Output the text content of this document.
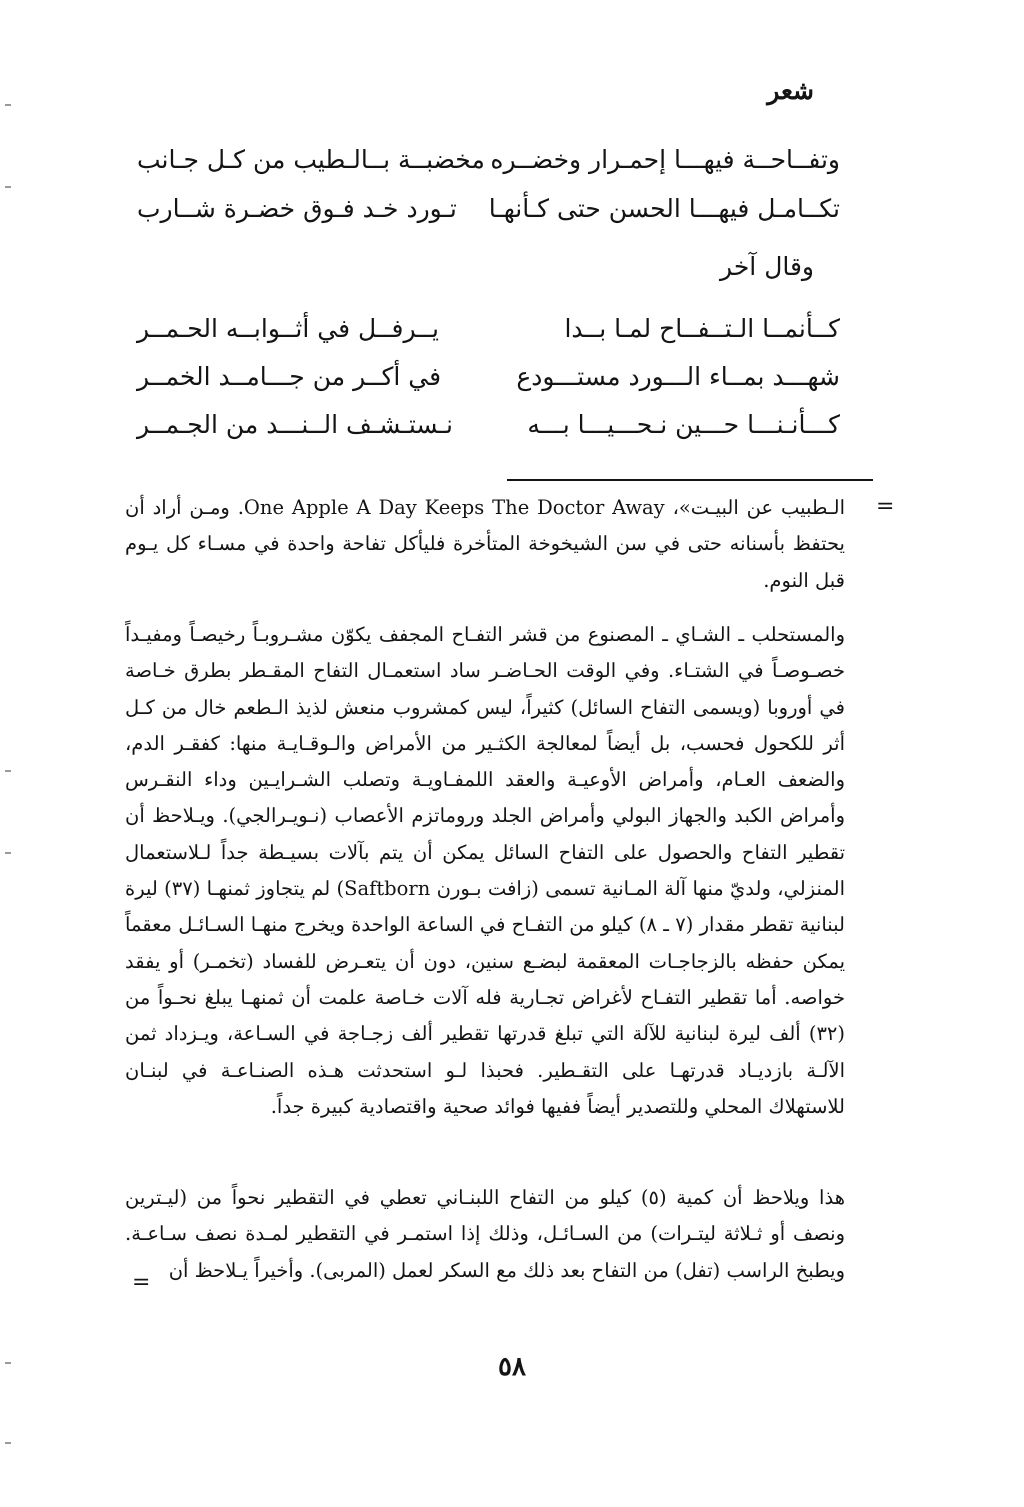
شعر
وتفــاحــة فيهـــا إحمـرار وخضــره
مخضبــة بــالـطيب من كـل جـانب
تكــامـل فيهـــا الحسن حتى كـأنهـا
تـورد خـد فـوق خضـرة شــارب
وقال آخر
كــأنمــا الـتــفــاح لمـا بــدا
يــرفــل في أثــوابــه الحـمــر
شهـــد بمــاء الـــورد مستـــودع
في أكــر من جـــامــد الخمــر
كـــأنـنـــا حـــين نـحـــيـــا بـــه
نـستـشـف الــنـــد من الجـمــر
=
الـطبيب عن البيـت»، One Apple A Day Keeps The Doctor Away. ومـن أراد أن يحتفظ بأسنانه حتى في سن الشيخوخة المتأخرة فليأكل تفاحة واحدة في مسـاء كل يـوم قبل النوم.
والمستحلب ـ الشـاي ـ المصنوع من قشر التفـاح المجفف يكوّن مشـروبـاً رخيصـاً ومفيـداً خصـوصـاً في الشتـاء. وفي الوقت الحـاضـر ساد استعمـال التفاح المقـطر بطرق خـاصة في أوروبا (ويسمى التفاح السائل) كثيراً، ليس كمشروب منعش لذيذ الـطعم خال من كـل أثر للكحول فحسب، بل أيضاً لمعالجة الكثـير من الأمراض والـوقـايـة منها: كفقـر الدم، والضعف العـام، وأمراض الأوعيـة والعقد اللمفـاويـة وتصلب الشـرايـين وداء النقـرس وأمراض الكبد والجهاز البولي وأمراض الجلد وروماتزم الأعصاب (نـويـرالجي). ويـلاحظ أن تقطير التفاح والحصول على التفاح السائل يمكن أن يتم بآلات بسيـطة جداً لـلاستعمال المنزلي، ولديّ منها آلة المـانية تسمى (زافت بـورن Saftborn) لم يتجاوز ثمنهـا (٣٧) ليرة لبنانية تقطر مقدار (٧ ـ ٨) كيلو من التفـاح في الساعة الواحدة ويخرج منهـا السـائـل معقماً يمكن حفظه بالزجاجـات المعقمة لبضـع سنين، دون أن يتعـرض للفساد (تخمـر) أو يفقد خواصه. أما تقطير التفـاح لأغراض تجـارية فله آلات خـاصة علمت أن ثمنهـا يبلغ نحـواً من (٣٢) ألف ليرة لبنانية للآلة التي تبلغ قدرتها تقطير ألف زجـاجة في السـاعة، ويـزداد ثمن الآلـة بازديـاد قدرتهـا على التقـطير. فحبذا لـو استحدثت هـذه الصنـاعـة في لبنـان للاستهلاك المحلي وللتصدير أيضاً ففيها فوائد صحية واقتصادية كبيرة جداً.
هذا ويلاحظ أن كمية (٥) كيلو من التفاح اللبنـاني تعطي في التقطير نحواً من (ليـترين ونصف أو ثـلاثة ليتـرات) من السـائـل، وذلك إذا استمـر في التقطير لمـدة نصف سـاعـة. ويطبخ الراسب (تفل) من التفاح بعد ذلك مع السكر لعمل (المربى). وأخيراً يـلاحظ أن
=
٥٨
